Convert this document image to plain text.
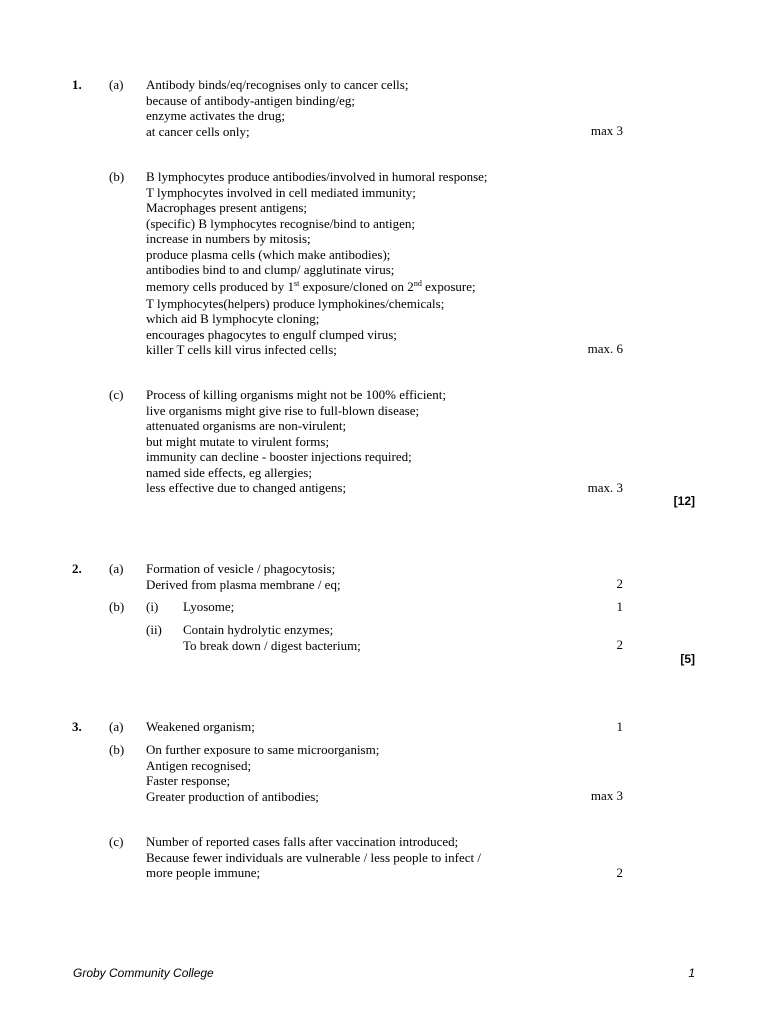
1. (a) Antibody binds/eq/recognises only to cancer cells;
because of antibody-antigen binding/eg;
enzyme activates the drug;
at cancer cells only;	max 3
(b) B lymphocytes produce antibodies/involved in humoral response;
T lymphocytes involved in cell mediated immunity;
Macrophages present antigens;
(specific) B lymphocytes recognise/bind to antigen;
increase in numbers by mitosis;
produce plasma cells (which make antibodies);
antibodies bind to and clump/ agglutinate virus;
memory cells produced by 1st exposure/cloned on 2nd exposure;
T lymphocytes(helpers) produce lymphokines/chemicals;
which aid B lymphocyte cloning;
encourages phagocytes to engulf clumped virus;
killer T cells kill virus infected cells;	max. 6
(c) Process of killing organisms might not be 100% efficient;
live organisms might give rise to full-blown disease;
attenuated organisms are non-virulent;
but might mutate to virulent forms;
immunity can decline - booster injections required;
named side effects, eg allergies;
less effective due to changed antigens;	max. 3
[12]
2. (a) Formation of vesicle / phagocytosis;
Derived from plasma membrane / eq;	2
(b) (i) Lyosome;	1
(ii) Contain hydrolytic enzymes;
To break down / digest bacterium;	2
[5]
3. (a) Weakened organism;	1
(b) On further exposure to same microorganism;
Antigen recognised;
Faster response;
Greater production of antibodies;	max 3
(c) Number of reported cases falls after vaccination introduced;
Because fewer individuals are vulnerable / less people to infect /
more people immune;	2
Groby Community College	1
